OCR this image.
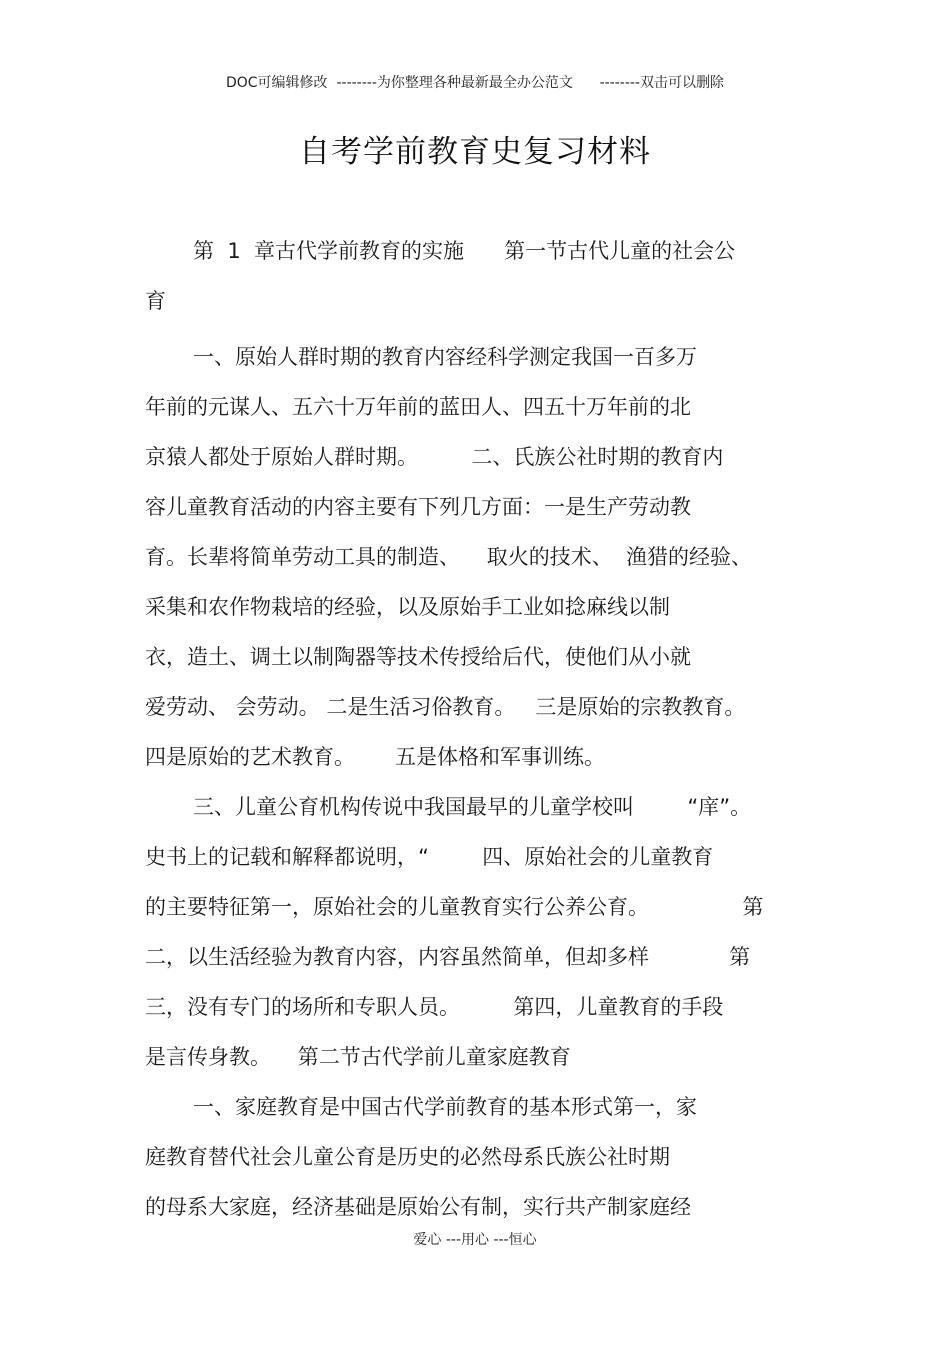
DOC可编辑修改  --------为你整理各种最新最全办公范文      --------双击可以删除
自考学前教育史复习材料
第  1  章古代学前教育的实施      第一节古代儿童的社会公
育
一、原始人群时期的教育内容经科学测定我国一百多万
年前的元谋人、五六十万年前的蓝田人、四五十万年前的北
京猿人都处于原始人群时期。        二、氏族公社时期的教育内
容儿童教育活动的内容主要有下列几方面：一是生产劳动教
育。长辈将简单劳动工具的制造、    取火的技术、  渔猎的经验、
采集和农作物栽培的经验，以及原始手工业如捻麻线以制
衣，造土、调土以制陶器等技术传授给后代，使他们从小就
爱劳动、 会劳动。 二是生活习俗教育。   三是原始的宗教教育。
四是原始的艺术教育。      五是体格和军事训练。
三、儿童公育机构传说中我国最早的儿童学校叫        “庠”。
史书上的记载和解释都说明，“        四、原始社会的儿童教育
的主要特征第一，原始社会的儿童教育实行公养公育。              第
二，以生活经验为教育内容，内容虽然简单，但却多样            第
三，没有专门的场所和专职人员。        第四，儿童教育的手段
是言传身教。    第二节古代学前儿童家庭教育
一、家庭教育是中国古代学前教育的基本形式第一，家
庭教育替代社会儿童公育是历史的必然母系氏族公社时期
的母系大家庭，经济基础是原始公有制，实行共产制家庭经
爱心 ---用心 ---恒心
